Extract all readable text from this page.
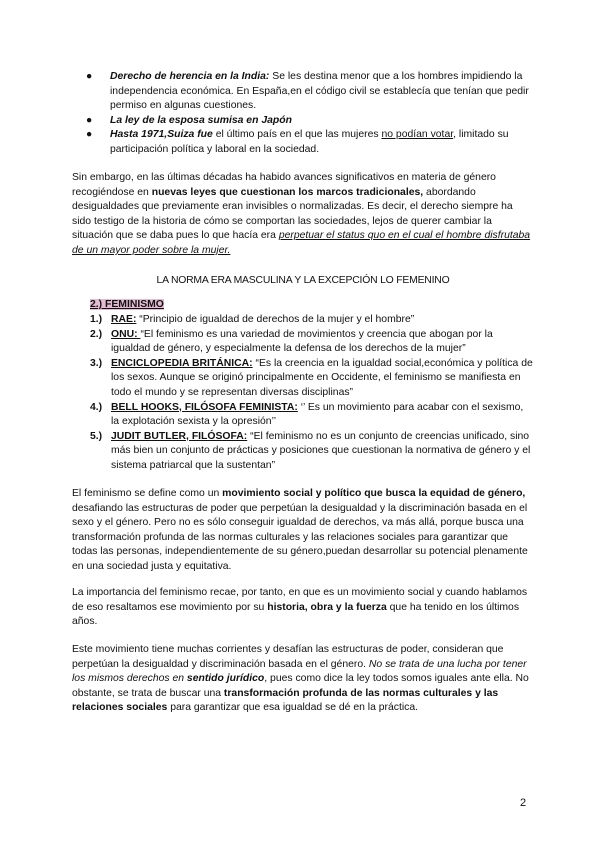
● Derecho de herencia en la India: Se les destina menor que a los hombres impidiendo la independencia económica. En España,en el código civil se establecía que tenían que pedir permiso en algunas cuestiones.
● La ley de la esposa sumisa en Japón
● Hasta 1971,Suiza fue el último país en el que las mujeres no podían votar, limitado su participación política y laboral en la sociedad.

Sin embargo, en las últimas décadas ha habido avances significativos en materia de género recogiéndose en nuevas leyes que cuestionan los marcos tradicionales, abordando desigualdades que previamente eran invisibles o normalizadas. Es decir, el derecho siempre ha sido testigo de la historia de cómo se comportan las sociedades, lejos de querer cambiar la situación que se daba pues lo que hacía era perpetuar el status quo en el cual el hombre disfrutaba de un mayor poder sobre la mujer.

LA NORMA ERA MASCULINA Y LA EXCEPCIÓN LO FEMENINO
2.) FEMINISMO
1.) RAE: “Principio de igualdad de derechos de la mujer y el hombre”
2.) ONU: “El feminismo es una variedad de movimientos y creencia que abogan por la igualdad de género, y especialmente la defensa de los derechos de la mujer”
3.) ENCICLOPEDIA BRITÁNICA: “Es la creencia en la igualdad social,económica y política de los sexos. Aunque se originó principalmente en Occidente, el feminismo se manifiesta en todo el mundo y se representan diversas disciplinas”
4.) BELL HOOKS, FILÓSOFA FEMINISTA: ‘’ Es un movimiento para acabar con el sexismo, la explotación sexista y la opresión’’
5.) JUDIT BUTLER, FILÓSOFA: “El feminismo no es un conjunto de creencias unificado, sino más bien un conjunto de prácticas y posiciones que cuestionan la normativa de género y el sistema patriarcal que la sustentan”

El feminismo se define como un movimiento social y político que busca la equidad de género, desafiando las estructuras de poder que perpetúan la desigualdad y la discriminación basada en el sexo y el género. Pero no es sólo conseguir igualdad de derechos, va más allá, porque busca una transformación profunda de las normas culturales y las relaciones sociales para garantizar que todas las personas, independientemente de su género,puedan desarrollar su potencial plenamente en una sociedad justa y equitativa.

La importancia del feminismo recae, por tanto, en que es un movimiento social y cuando hablamos de eso resaltamos ese movimiento por su historia, obra y la fuerza que ha tenido en los últimos años.

Este movimiento tiene muchas corrientes y desafían las estructuras de poder, consideran que perpetúan la desigualdad y discriminación basada en el género. No se trata de una lucha por tener los mismos derechos en sentido jurídico, pues como dice la ley todos somos iguales ante ella. No obstante, se trata de buscar una transformación profunda de las normas culturales y las relaciones sociales para garantizar que esa igualdad se dé en la práctica.

2
